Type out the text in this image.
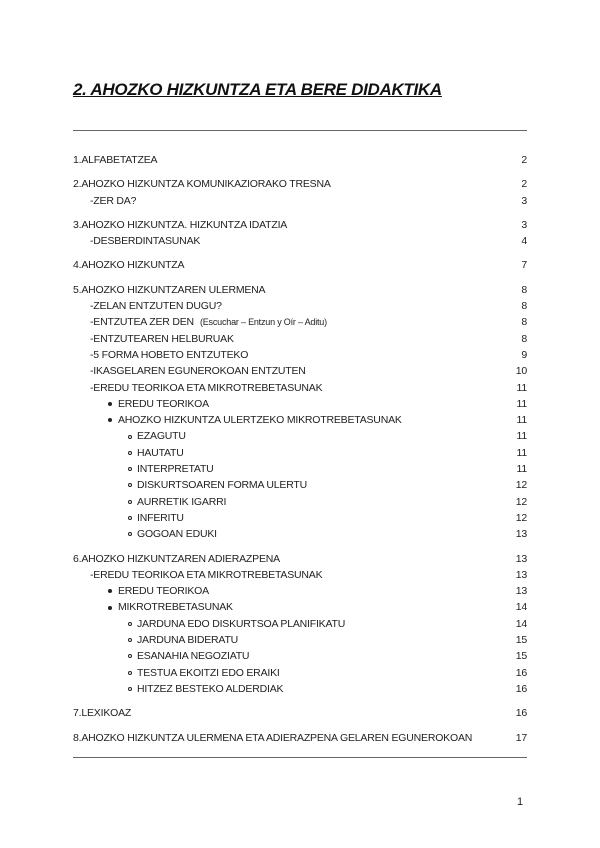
2. AHOZKO HIZKUNTZA ETA BERE DIDAKTIKA
1.ALFABETATZEA	2
2.AHOZKO HIZKUNTZA KOMUNIKAZIORAKO TRESNA	2
-ZER DA?	3
3.AHOZKO HIZKUNTZA. HIZKUNTZA IDATZIA	3
-DESBERDINTASUNAK	4
4.AHOZKO HIZKUNTZA	7
5.AHOZKO HIZKUNTZAREN ULERMENA	8
-ZELAN ENTZUTEN DUGU?	8
-ENTZUTEA ZER DEN (Escuchar – Entzun y Oír – Aditu)	8
-ENTZUTEAREN HELBURUAK	8
-5 FORMA HOBETO ENTZUTEKO	9
-IKASGELAREN EGUNEROKOAN ENTZUTEN	10
-EREDU TEORIKOA ETA MIKROTREBETASUNAK	11
EREDU TEORIKOA	11
AHOZKO HIZKUNTZA ULERTZEKO MIKROTREBETASUNAK	11
EZAGUTU	11
HAUTATU	11
INTERPRETATU	11
DISKURTSOAREN FORMA ULERTU	12
AURRETIK IGARRI	12
INFERITU	12
GOGOAN EDUKI	13
6.AHOZKO HIZKUNTZAREN ADIERAZPENA	13
-EREDU TEORIKOA ETA MIKROTREBETASUNAK	13
EREDU TEORIKOA	13
MIKROTREBETASUNAK	14
JARDUNA EDO DISKURTSOA PLANIFIKATU	14
JARDUNA BIDERATU	15
ESANAHIA NEGOZIATU	15
TESTUA EKOITZI EDO ERAIKI	16
HITZEZ BESTEKO ALDERDIAK	16
7.LEXIKOAZ	16
8.AHOZKO HIZKUNTZA ULERMENA ETA ADIERAZPENA GELAREN EGUNEROKOAN	17
1
